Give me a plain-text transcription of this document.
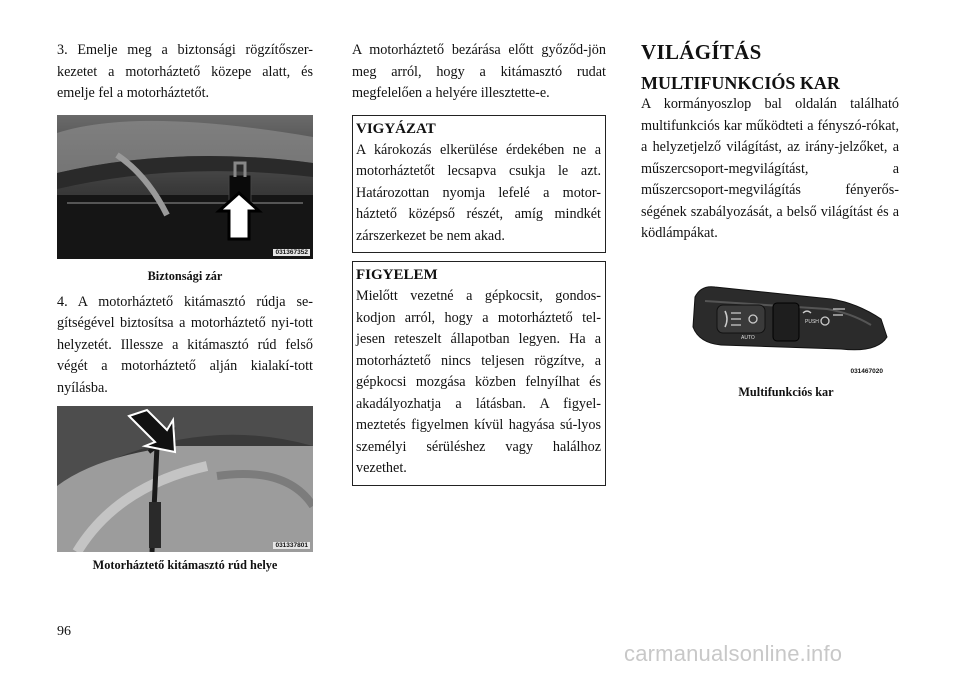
3. Emelje meg a biztonsági rögzítőszer-kezetet a motorháztető közepe alatt, és emelje fel a motorháztetőt.

031367352

Biztonsági zár

4. A motorháztető kitámasztó rúdja se-gítségével biztosítsa a motorháztető nyi-tott helyzetét. Illessze a kitámasztó rúd felső végét a motorháztető alján kialakí-tott nyílásba.

031337801

Motorháztető kitámasztó rúd helye

A motorháztető bezárása előtt győződ-jön meg arról, hogy a kitámasztó rudat megfelelően a helyére illesztette-e.

VIGYÁZAT

A károkozás elkerülése érdekében ne a motorháztetőt lecsapva csukja le azt. Határozottan nyomja lefelé a motor-háztető középső részét, amíg mindkét zárszerkezet be nem akad.

FIGYELEM

Mielőtt vezetné a gépkocsit, gondos-kodjon arról, hogy a motorháztető tel-jesen reteszelt állapotban legyen. Ha a motorháztető nincs teljesen rögzítve, a gépkocsi mozgása közben felnyílhat és akadályozhatja a látásban. A figyel-meztetés figyelmen kívül hagyása sú-lyos személyi sérüléshez vagy halálhoz vezethet.

VILÁGÍTÁS

MULTIFUNKCIÓS KAR

A kormányoszlop bal oldalán található multifunkciós kar működteti a fényszó-rókat, a helyzetjelző világítást, az irány-jelzőket, a műszercsoport-megvilágítást, a műszercsoport-megvilágítás fényerős-ségének szabályozását, a belső világítást és a ködlámpákat.

AUTO
PUSH
031467020

Multifunkciós kar

96
carmanualsonline.info
